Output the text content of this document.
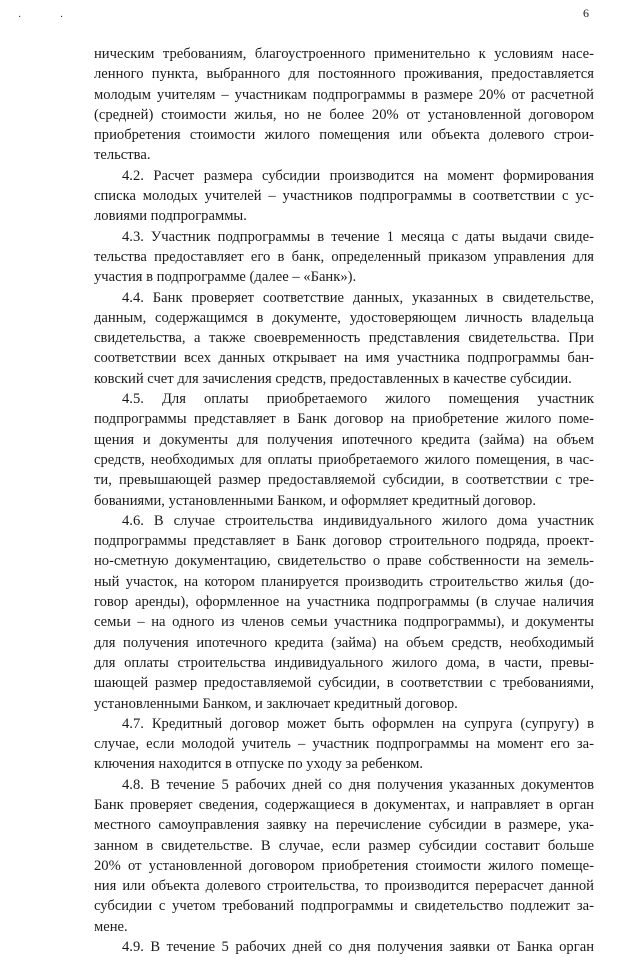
· ·	6
ническим требованиям, благоустроенного применительно к условиям насе-
ленного пункта, выбранного для постоянного проживания, предоставляется
молодым учителям – участникам подпрограммы в размере 20% от расчетной
(средней) стоимости жилья, но не более 20% от установленной договором
приобретения стоимости жилого помещения или объекта долевого строи-
тельства.
4.2. Расчет размера субсидии производится на момент формирования
списка молодых учителей – участников подпрограммы в соответствии с ус-
ловиями подпрограммы.
4.3. Участник подпрограммы в течение 1 месяца с даты выдачи свиде-
тельства предоставляет его в банк, определенный приказом управления для
участия в подпрограмме (далее – «Банк»).
4.4. Банк проверяет соответствие данных, указанных в свидетельстве,
данным, содержащимся в документе, удостоверяющем личность владельца
свидетельства, а также своевременность представления свидетельства. При
соответствии всех данных открывает на имя участника подпрограммы бан-
ковский счет для зачисления средств, предоставленных в качестве субсидии.
4.5. Для оплаты приобретаемого жилого помещения участник
подпрограммы представляет в Банк договор на приобретение жилого поме-
щения и документы для получения ипотечного кредита (займа) на объем
средств, необходимых для оплаты приобретаемого жилого помещения, в час-
ти, превышающей размер предоставляемой субсидии, в соответствии с тре-
бованиями, установленными Банком, и оформляет кредитный договор.
4.6. В случае строительства индивидуального жилого дома участник
подпрограммы представляет в Банк договор строительного подряда, проект-
но-сметную документацию, свидетельство о праве собственности на земель-
ный участок, на котором планируется производить строительство жилья (до-
говор аренды), оформленное на участника подпрограммы (в случае наличия
семьи – на одного из членов семьи участника подпрограммы), и документы
для получения ипотечного кредита (займа) на объем средств, необходимый
для оплаты строительства индивидуального жилого дома, в части, превы-
шающей размер предоставляемой субсидии, в соответствии с требованиями,
установленными Банком, и заключает кредитный договор.
4.7. Кредитный договор может быть оформлен на супруга (супругу) в
случае, если молодой учитель – участник подпрограммы на момент его за-
ключения находится в отпуске по уходу за ребенком.
4.8. В течение 5 рабочих дней со дня получения указанных документов
Банк проверяет сведения, содержащиеся в документах, и направляет в орган
местного самоуправления заявку на перечисление субсидии в размере, ука-
занном в свидетельстве. В случае, если размер субсидии составит больше
20% от установленной договором приобретения стоимости жилого помеще-
ния или объекта долевого строительства, то производится перерасчет данной
субсидии с учетом требований подпрограммы и свидетельство подлежит за-
мене.
4.9. В течение 5 рабочих дней со дня получения заявки от Банка орган
